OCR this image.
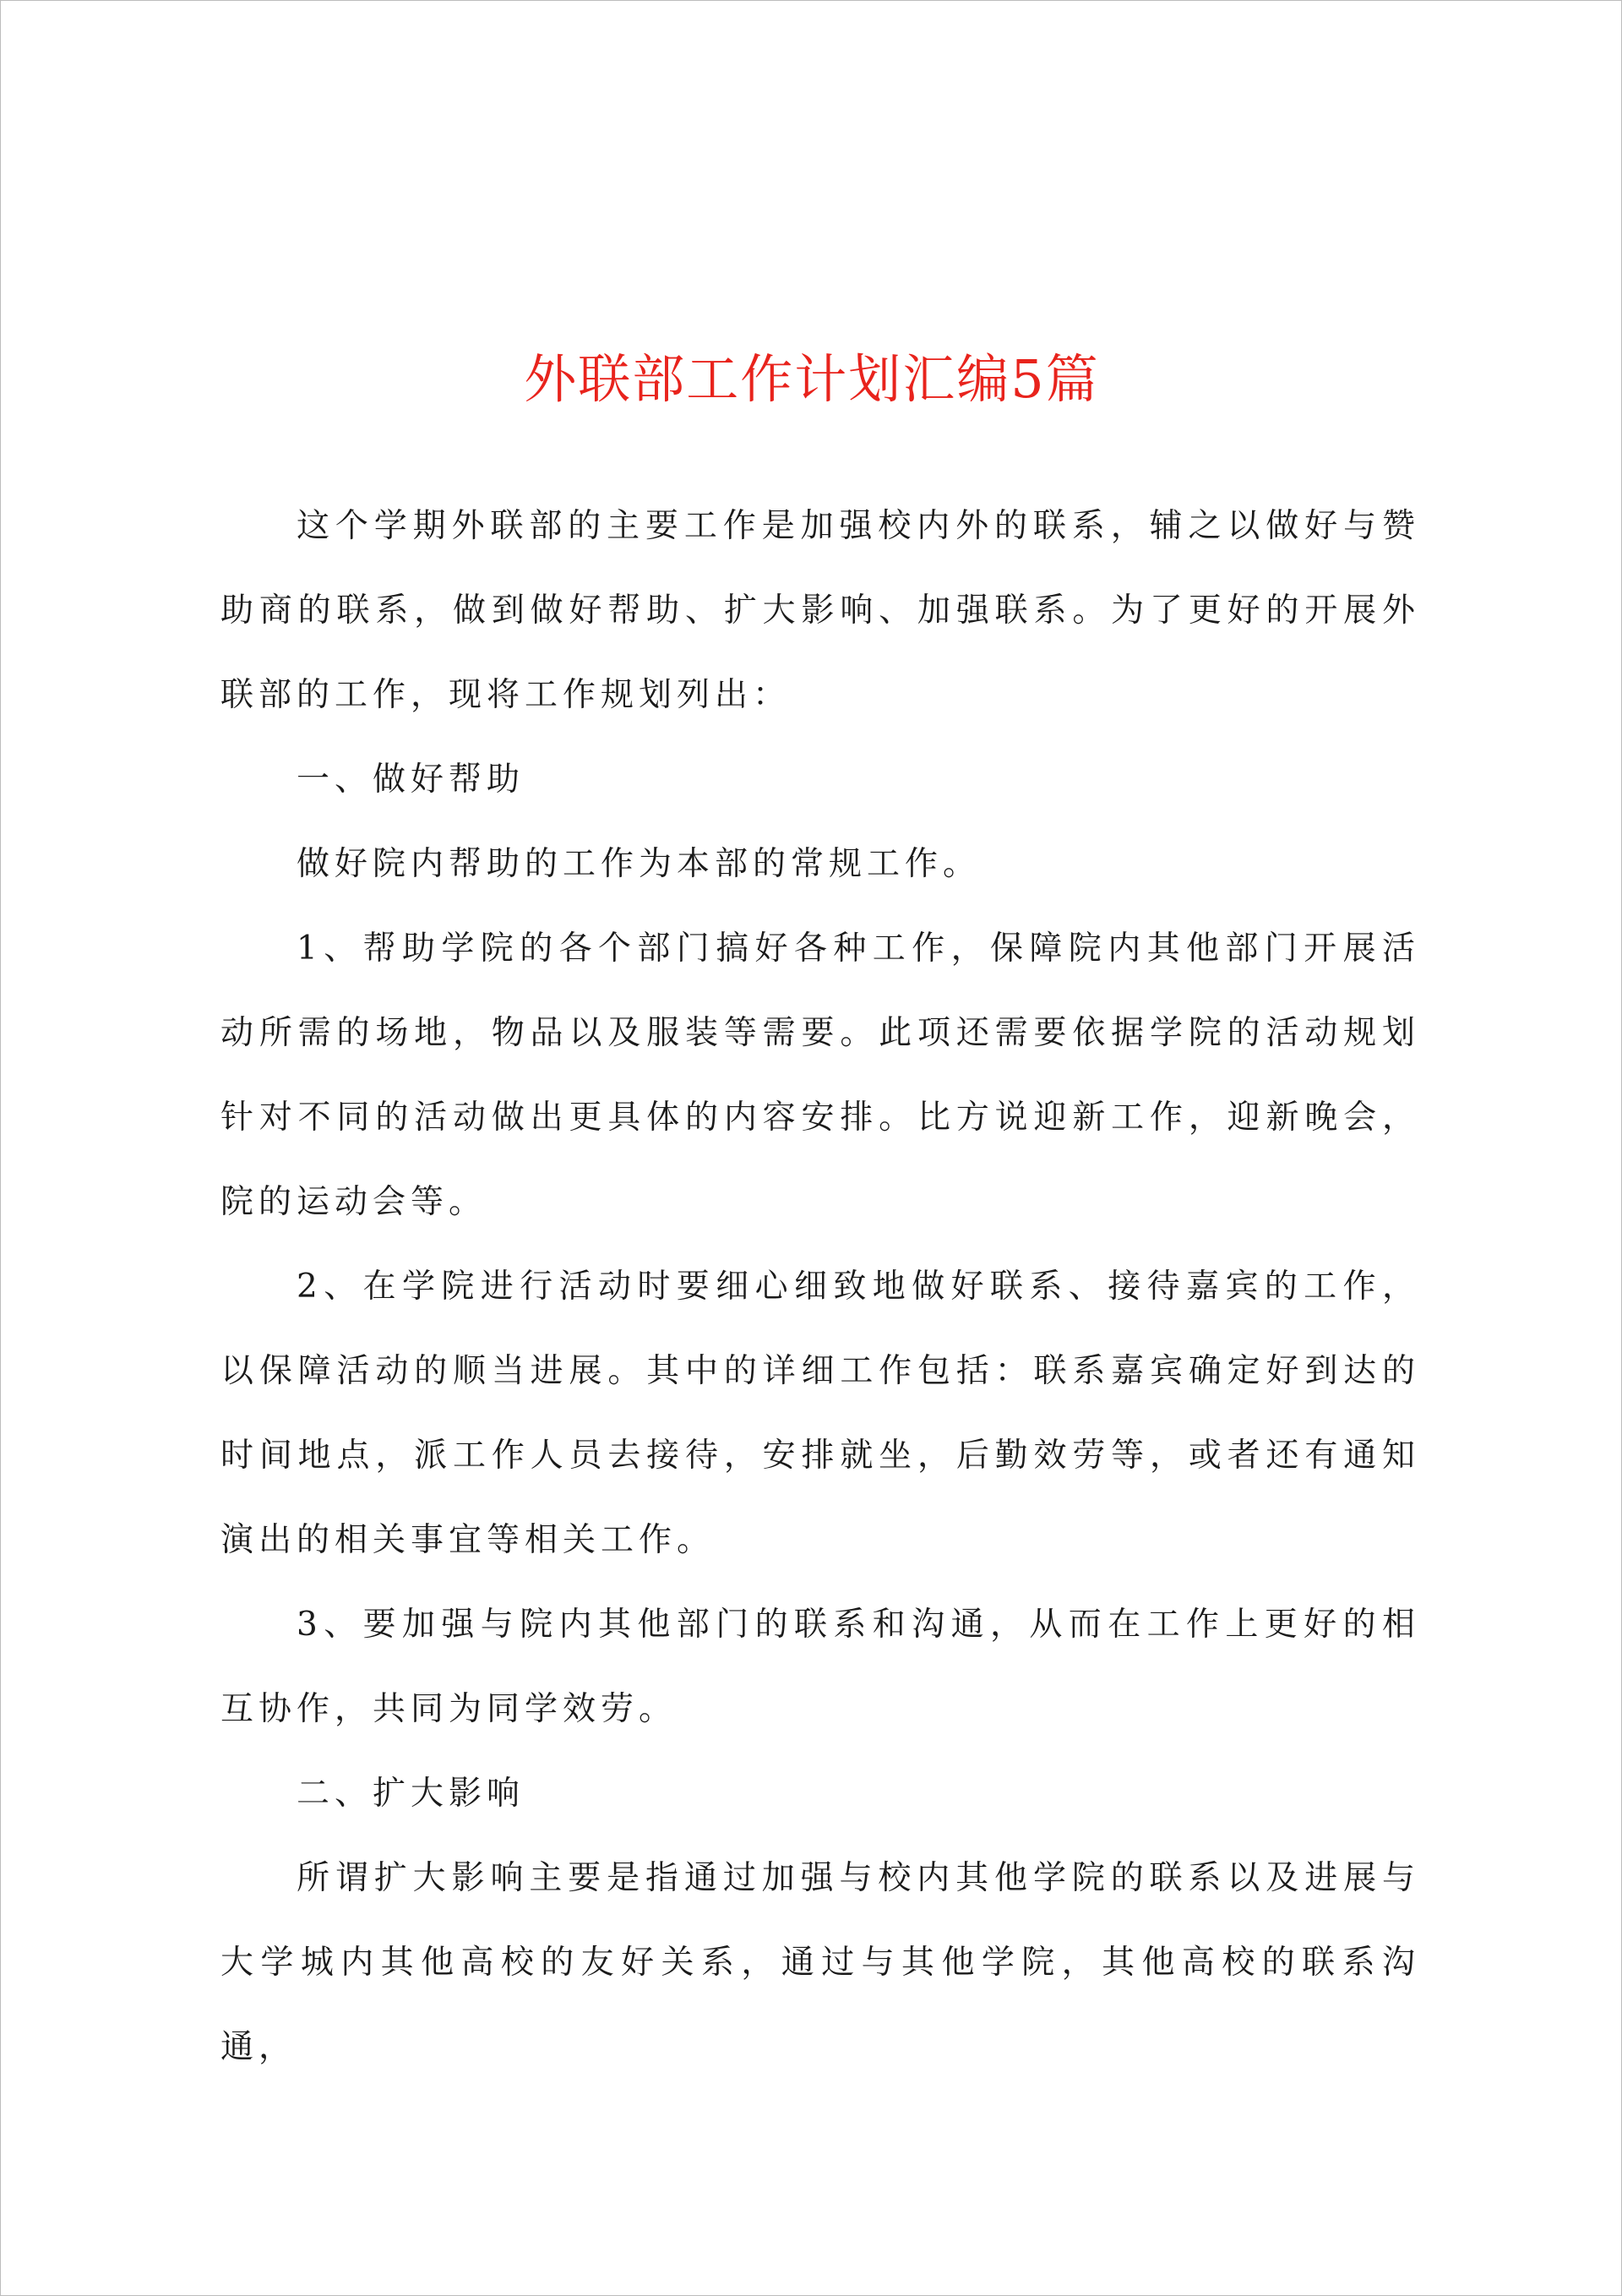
外联部工作计划汇编5篇

这个学期外联部的主要工作是加强校内外的联系，辅之以做好与赞助商的联系，做到做好帮助、扩大影响、加强联系。为了更好的开展外联部的工作，现将工作规划列出：

一、做好帮助

做好院内帮助的工作为本部的常规工作。

1、帮助学院的各个部门搞好各种工作，保障院内其他部门开展活动所需的场地，物品以及服装等需要。此项还需要依据学院的活动规划针对不同的活动做出更具体的内容安排。比方说迎新工作，迎新晚会，院的运动会等。

2、在学院进行活动时要细心细致地做好联系、接待嘉宾的工作，以保障活动的顺当进展。其中的详细工作包括：联系嘉宾确定好到达的时间地点，派工作人员去接待，安排就坐，后勤效劳等，或者还有通知演出的相关事宜等相关工作。

3、要加强与院内其他部门的联系和沟通，从而在工作上更好的相互协作，共同为同学效劳。

二、扩大影响

所谓扩大影响主要是指通过加强与校内其他学院的联系以及进展与大学城内其他高校的友好关系，通过与其他学院，其他高校的联系沟通，
